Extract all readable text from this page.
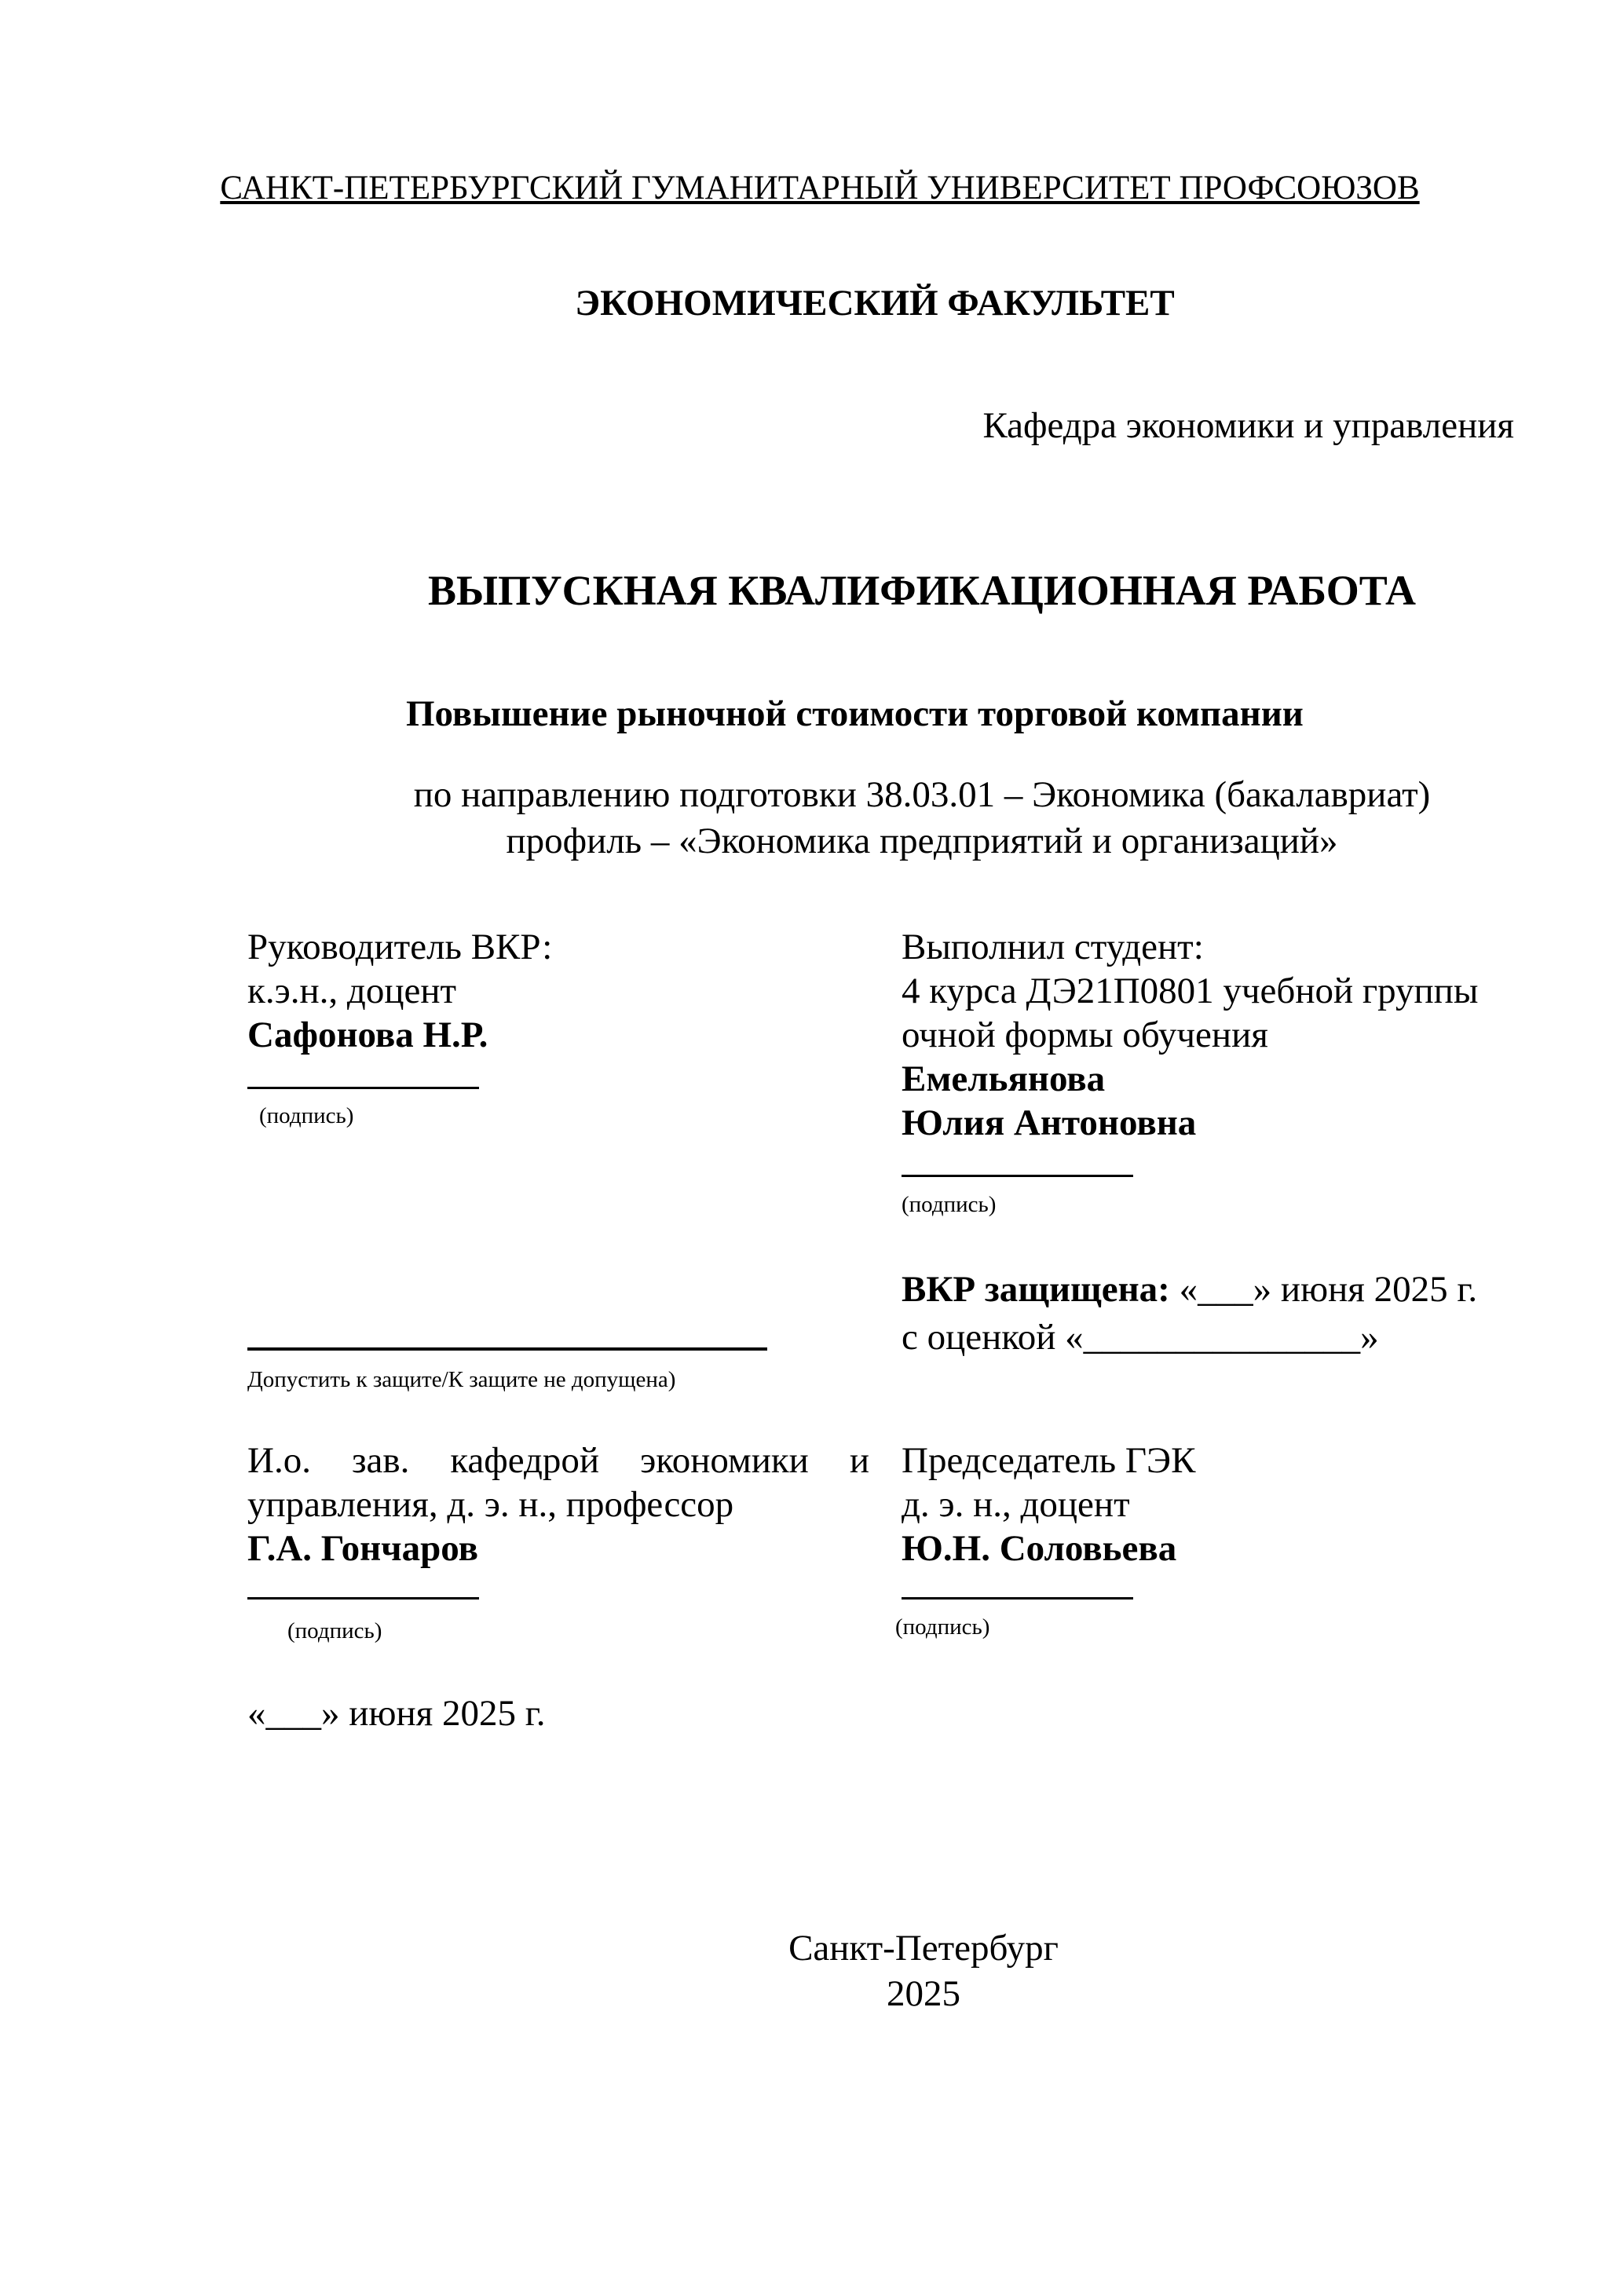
САНКТ-ПЕТЕРБУРГСКИЙ ГУМАНИТАРНЫЙ УНИВЕРСИТЕТ ПРОФСОЮЗОВ
ЭКОНОМИЧЕСКИЙ ФАКУЛЬТЕТ
Кафедра экономики и управления
ВЫПУСКНАЯ КВАЛИФИКАЦИОННАЯ РАБОТА
Повышение рыночной стоимости торговой компании
по направлению подготовки 38.03.01 – Экономика (бакалавриат)
профиль – «Экономика предприятий и организаций»
Руководитель ВКР:
к.э.н., доцент
Сафонова Н.Р.
(подпись)
Выполнил студент:
4 курса ДЭ21П0801 учебной группы
очной формы обучения
Емельянова
Юлия Антоновна
(подпись)
ВКР защищена: «___» июня 2025 г.
с оценкой «_______________»
Допустить к защите/К защите не допущена)
И.о. зав. кафедрой экономики и
управления, д. э. н., профессор
Г.А. Гончаров
(подпись)
«___» июня 2025 г.
Председатель ГЭК
д. э. н., доцент
Ю.Н. Соловьева
(подпись)
Санкт-Петербург
2025
